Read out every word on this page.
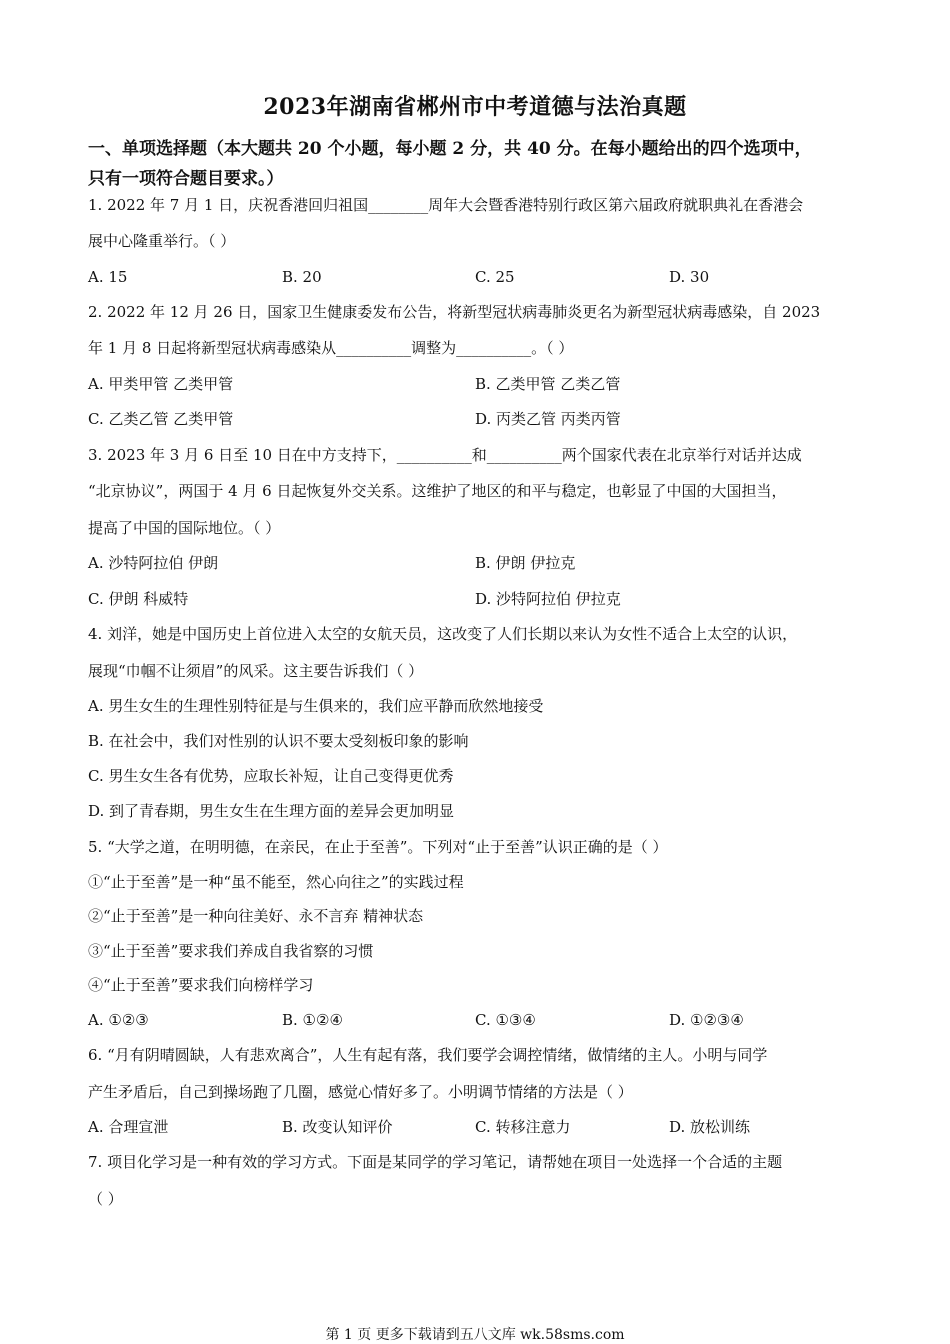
2023年湖南省郴州市中考道德与法治真题
一、单项选择题（本大题共 20 个小题，每小题 2 分，共 40 分。在每小题给出的四个选项中，
只有一项符合题目要求。）
1. 2022 年 7 月 1 日，庆祝香港回归祖国________周年大会暨香港特别行政区第六届政府就职典礼在香港会
展中心隆重举行。（ ）
A. 15	B. 20	C. 25	D. 30
2. 2022 年 12 月 26 日，国家卫生健康委发布公告，将新型冠状病毒肺炎更名为新型冠状病毒感染，自 2023
年 1 月 8 日起将新型冠状病毒感染从__________调整为__________。（ ）
A. 甲类甲管 乙类甲管	B. 乙类甲管 乙类乙管
C. 乙类乙管 乙类甲管	D. 丙类乙管 丙类丙管
3. 2023 年 3 月 6 日至 10 日在中方支持下，__________和__________两个国家代表在北京举行对话并达成
“北京协议”，两国于 4 月 6 日起恢复外交关系。这维护了地区的和平与稳定，也彰显了中国的大国担当，
提高了中国的国际地位。（ ）
A. 沙特阿拉伯 伊朗	B. 伊朗 伊拉克
C. 伊朗 科威特	D. 沙特阿拉伯 伊拉克
4. 刘洋，她是中国历史上首位进入太空的女航天员，这改变了人们长期以来认为女性不适合上太空的认识，
展现“巾帼不让须眉”的风采。这主要告诉我们（ ）
A. 男生女生的生理性别特征是与生俱来的，我们应平静而欣然地接受
B. 在社会中，我们对性别的认识不要太受刻板印象的影响
C. 男生女生各有优势，应取长补短，让自己变得更优秀
D. 到了青春期，男生女生在生理方面的差异会更加明显
5. “大学之道，在明明德，在亲民，在止于至善”。下列对“止于至善”认识正确的是（ ）
①“止于至善”是一种“虽不能至，然心向往之”的实践过程
②“止于至善”是一种向往美好、永不言弃 精神状态
③“止于至善”要求我们养成自我省察的习惯
④“止于至善”要求我们向榜样学习
A. ①②③	B. ①②④	C. ①③④	D. ①②③④
6. “月有阴晴圆缺，人有悲欢离合”，人生有起有落，我们要学会调控情绪，做情绪的主人。小明与同学
产生矛盾后，自己到操场跑了几圈，感觉心情好多了。小明调节情绪的方法是（ ）
A. 合理宣泄	B. 改变认知评价	C. 转移注意力	D. 放松训练
7. 项目化学习是一种有效的学习方式。下面是某同学的学习笔记，请帮她在项目一处选择一个合适的主题
（ ）
第 1 页 更多下载请到五八文库 wk.58sms.com
